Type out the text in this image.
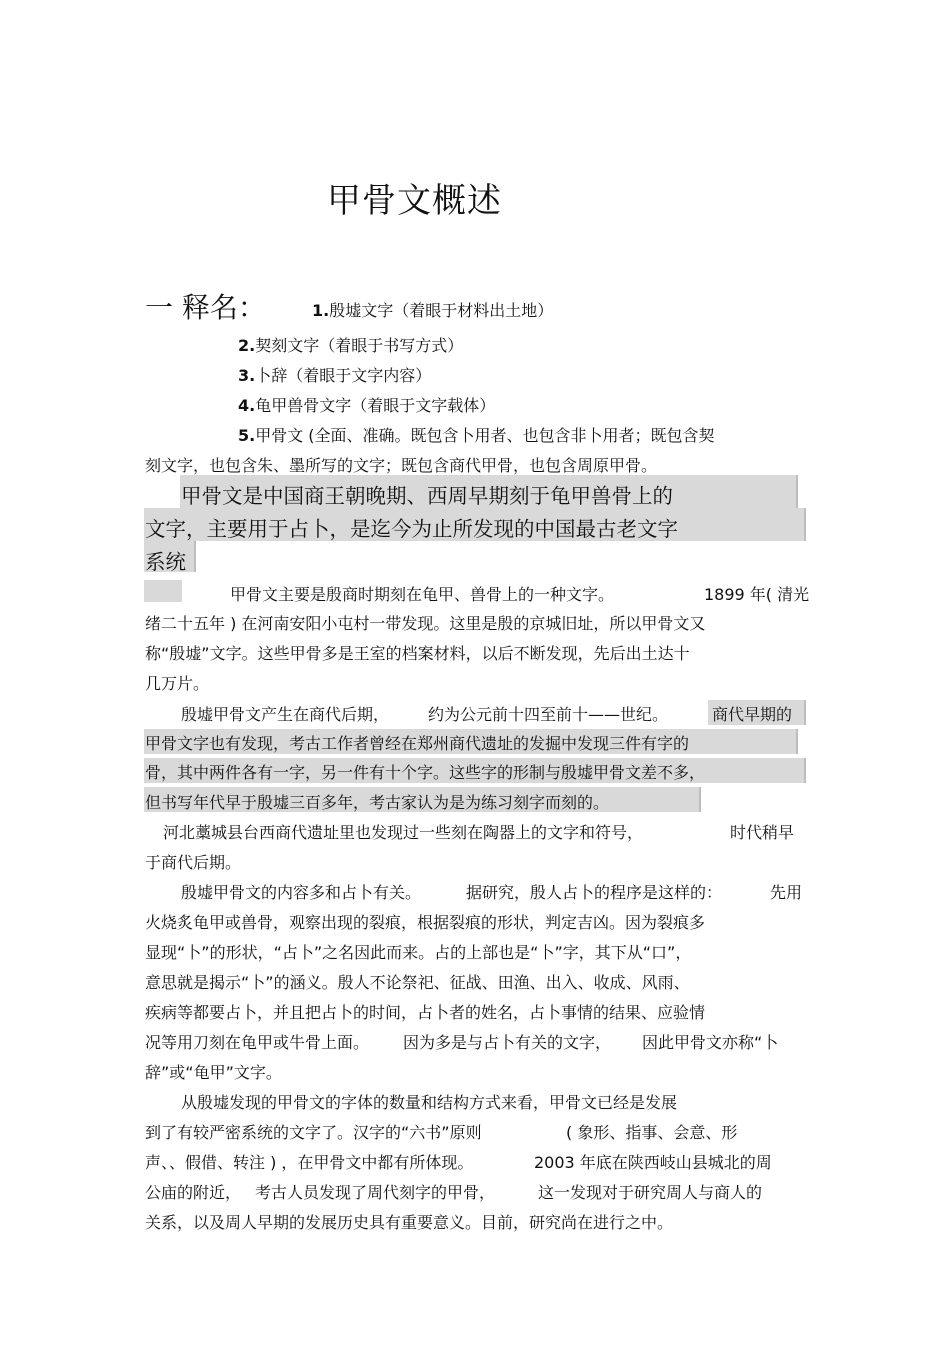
甲骨文概述
一 释名：	1.殷墟文字（着眼于材料出土地）
2.契刻文字（着眼于书写方式）
3.卜辞（着眼于文字内容）
4.龟甲兽骨文字（着眼于文字载体）
5.甲骨文 (全面、准确。既包含卜用者、也包含非卜用者；既包含契
刻文字，也包含朱、墨所写的文字；既包含商代甲骨，也包含周原甲骨。
甲骨文是中国商王朝晚期、西周早期刻于龟甲兽骨上的
文字，主要用于占卜，是迄今为止所发现的中国最古老文字
系统
甲骨文主要是殷商时期刻在龟甲、兽骨上的一种文字。	1899 年( 清光
绪二十五年 ) 在河南安阳小屯村一带发现。这里是殷的京城旧址，所以甲骨文又
称“殷墟”文字。这些甲骨多是王室的档案材料，以后不断发现，先后出土达十
几万片。
殷墟甲骨文产生在商代后期， 约为公元前十四至前十——世纪。	商代早期的
甲骨文字也有发现，考古工作者曾经在郑州商代遗址的发掘中发现三件有字的
骨，其中两件各有一字，另一件有十个字。这些字的形制与殷墟甲骨文差不多，
但书写年代早于殷墟三百多年，考古家认为是为练习刻字而刻的。
河北藁城县台西商代遗址里也发现过一些刻在陶器上的文字和符号，	时代稍早
于商代后期。
殷墟甲骨文的内容多和占卜有关。	据研究，殷人占卜的程序是这样的：	先用
火烧炙龟甲或兽骨，观察出现的裂痕，根据裂痕的形状，判定吉凶。因为裂痕多
显现“卜”的形状，“占卜”之名因此而来。占的上部也是“卜”字，其下从“口”，
意思就是揭示“卜”的涵义。殷人不论祭祀、征战、田渔、出入、收成、风雨、
疾病等都要占卜，并且把占卜的时间，占卜者的姓名，占卜事情的结果、应验情
况等用刀刻在龟甲或牛骨上面。 因为多是与占卜有关的文字， 因此甲骨文亦称“卜
辞”或“龟甲”文字。
从殷墟发现的甲骨文的字体的数量和结构方式来看，甲骨文已经是发展
到了有较严密系统的文字了。汉字的“六书”原则	( 象形、指事、会意、形
声、、假借、转注 ) ，在甲骨文中都有所体现。	2003 年底在陕西岐山县城北的周
公庙的附近， 考古人员发现了周代刻字的甲骨，	这一发现对于研究周人与商人的
关系，以及周人早期的发展历史具有重要意义。目前，研究尚在进行之中。
